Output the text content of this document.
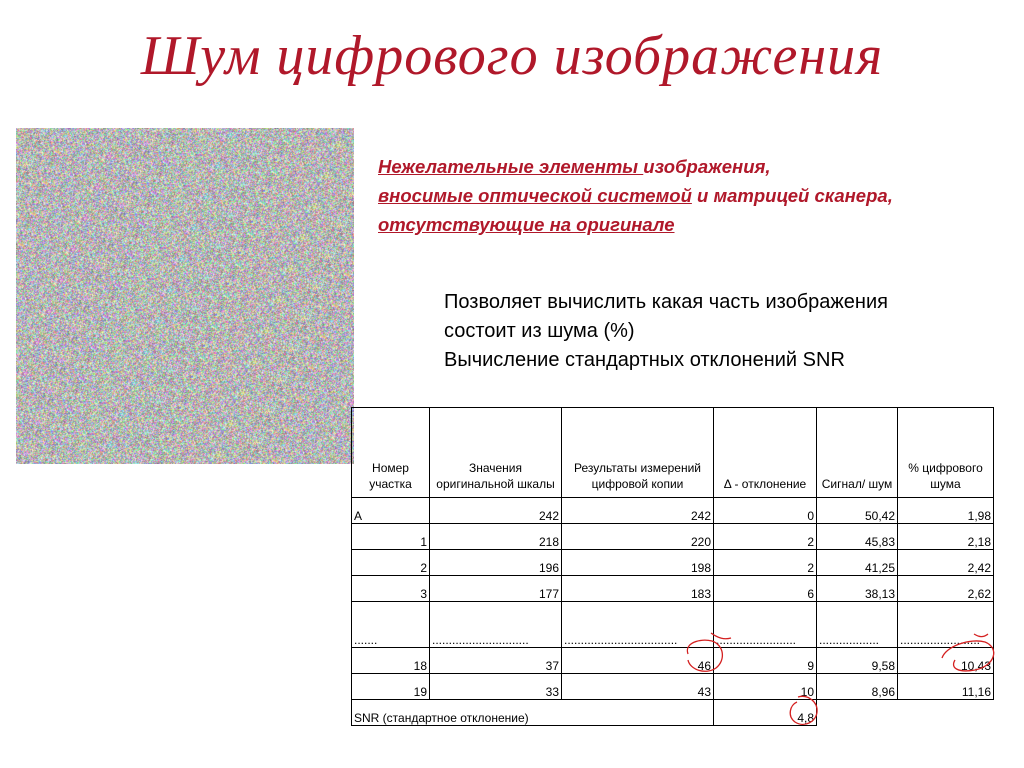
Шум цифрового изображения
Нежелательные элементы изображения,
вносимые оптической системой и матрицей сканера,
отсутствующие на оригинале
Позволяет вычислить какая часть изображения
состоит из шума (%)
Вычисление стандартных отклонений SNR
Номер участка	Значения оригинальной шкалы	Результаты измерений цифровой копии	Δ - отклонение	Сигнал/ шум	% цифрового шума
A	242	242	0	50,42	1,98
1	218	220	2	45,83	2,18
2	196	198	2	41,25	2,42
3	177	183	6	38,13	2,62
.......	.............................	..................................	........................	..................	........................
18	37	46	9	9,58	10,43
19	33	43	10	8,96	11,16
SNR (стандартное отклонение)			4,8		
